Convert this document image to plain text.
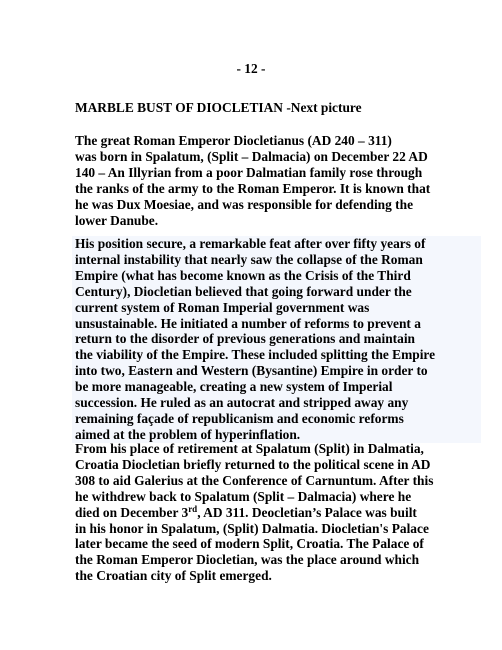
- 12 -
MARBLE BUST OF DIOCLETIAN -Next picture
The great Roman Emperor Diocletianus (AD 240 – 311)
was born in Spalatum, (Split – Dalmacia) on December 22 AD
140 – An Illyrian from a poor Dalmatian family rose through
the ranks of the army to the Roman Emperor. It is known that
he was Dux Moesiae, and was responsible for defending the
lower Danube.
His position secure, a remarkable feat after over fifty years of
internal instability that nearly saw the collapse of the Roman
Empire (what has become known as the Crisis of the Third
Century), Diocletian believed that going forward under the
current system of Roman Imperial government was
unsustainable. He initiated a number of reforms to prevent a
return to the disorder of previous generations and maintain
the viability of the Empire. These included splitting the Empire
into two, Eastern and Western (Bysantine) Empire in order to
be more manageable, creating a new system of Imperial
succession. He ruled as an autocrat and stripped away any
remaining façade of republicanism and economic reforms
aimed at the problem of hyperinflation.
From his place of retirement at Spalatum (Split) in Dalmatia,
Croatia Diocletian briefly returned to the political scene in AD
308 to aid Galerius at the Conference of Carnuntum. After this
he withdrew back to Spalatum (Split – Dalmacia) where he
died on December 3rd, AD 311. Deocletian’s Palace was built
in his honor in Spalatum, (Split) Dalmatia. Diocletian's Palace
later became the seed of modern Split, Croatia. The Palace of
the Roman Emperor Diocletian, was the place around which
the Croatian city of Split emerged.
